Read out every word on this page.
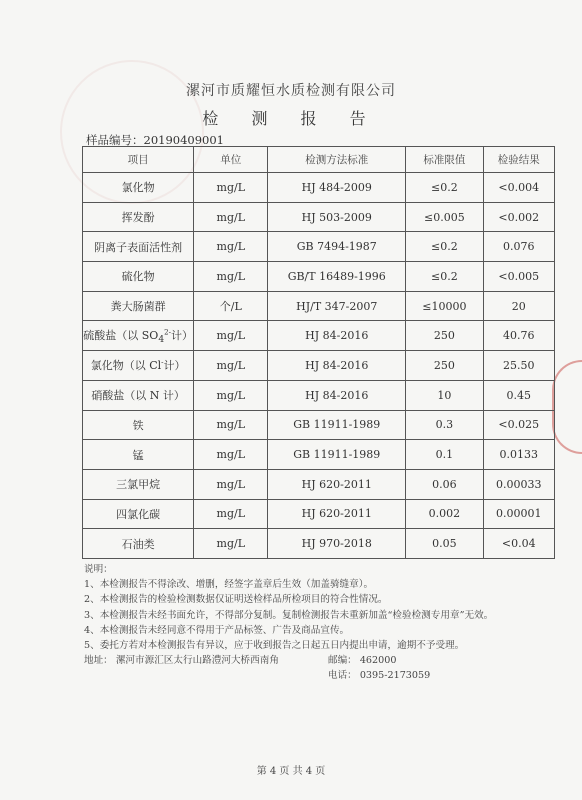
漯河市质耀恒水质检测有限公司
检 测 报 告
样品编号：20190409001
项目	单位	检测方法标准	标准限值	检验结果
氯化物	mg/L	HJ 484-2009	≤0.2	<0.004
挥发酚	mg/L	HJ 503-2009	≤0.005	<0.002
阴离子表面活性剂	mg/L	GB 7494-1987	≤0.2	0.076
硫化物	mg/L	GB/T 16489-1996	≤0.2	<0.005
粪大肠菌群	个/L	HJ/T 347-2007	≤10000	20
硫酸盐（以 $SO_4^{2-}$计）	mg/L	HJ 84-2016	250	40.76
氯化物（以 Cl-计）	mg/L	HJ 84-2016	250	25.50
硝酸盐（以 N 计）	mg/L	HJ 84-2016	10	0.45
铁	mg/L	GB 11911-1989	0.3	<0.025
锰	mg/L	GB 11911-1989	0.1	0.0133
三氯甲烷	mg/L	HJ 620-2011	0.06	0.00033
四氯化碳	mg/L	HJ 620-2011	0.002	0.00001
石油类	mg/L	HJ 970-2018	0.05	<0.04
说明：
1、本检测报告不得涂改、增删，经签字盖章后生效（加盖骑缝章）。
2、本检测报告的检验检测数据仅证明送检样品所检项目的符合性情况。
3、本检测报告未经书面允许，不得部分复制。复制检测报告未重新加盖“检验检测专用章”无效。
4、本检测报告未经同意不得用于产品标签、广告及商品宣传。
5、委托方若对本检测报告有异议，应于收到报告之日起五日内提出申请，逾期不予受理。
地址： 漯河市源汇区太行山路澧河大桥西南角	邮编： 462000
电话： 0395-2173059
第 4 页 共 4 页
